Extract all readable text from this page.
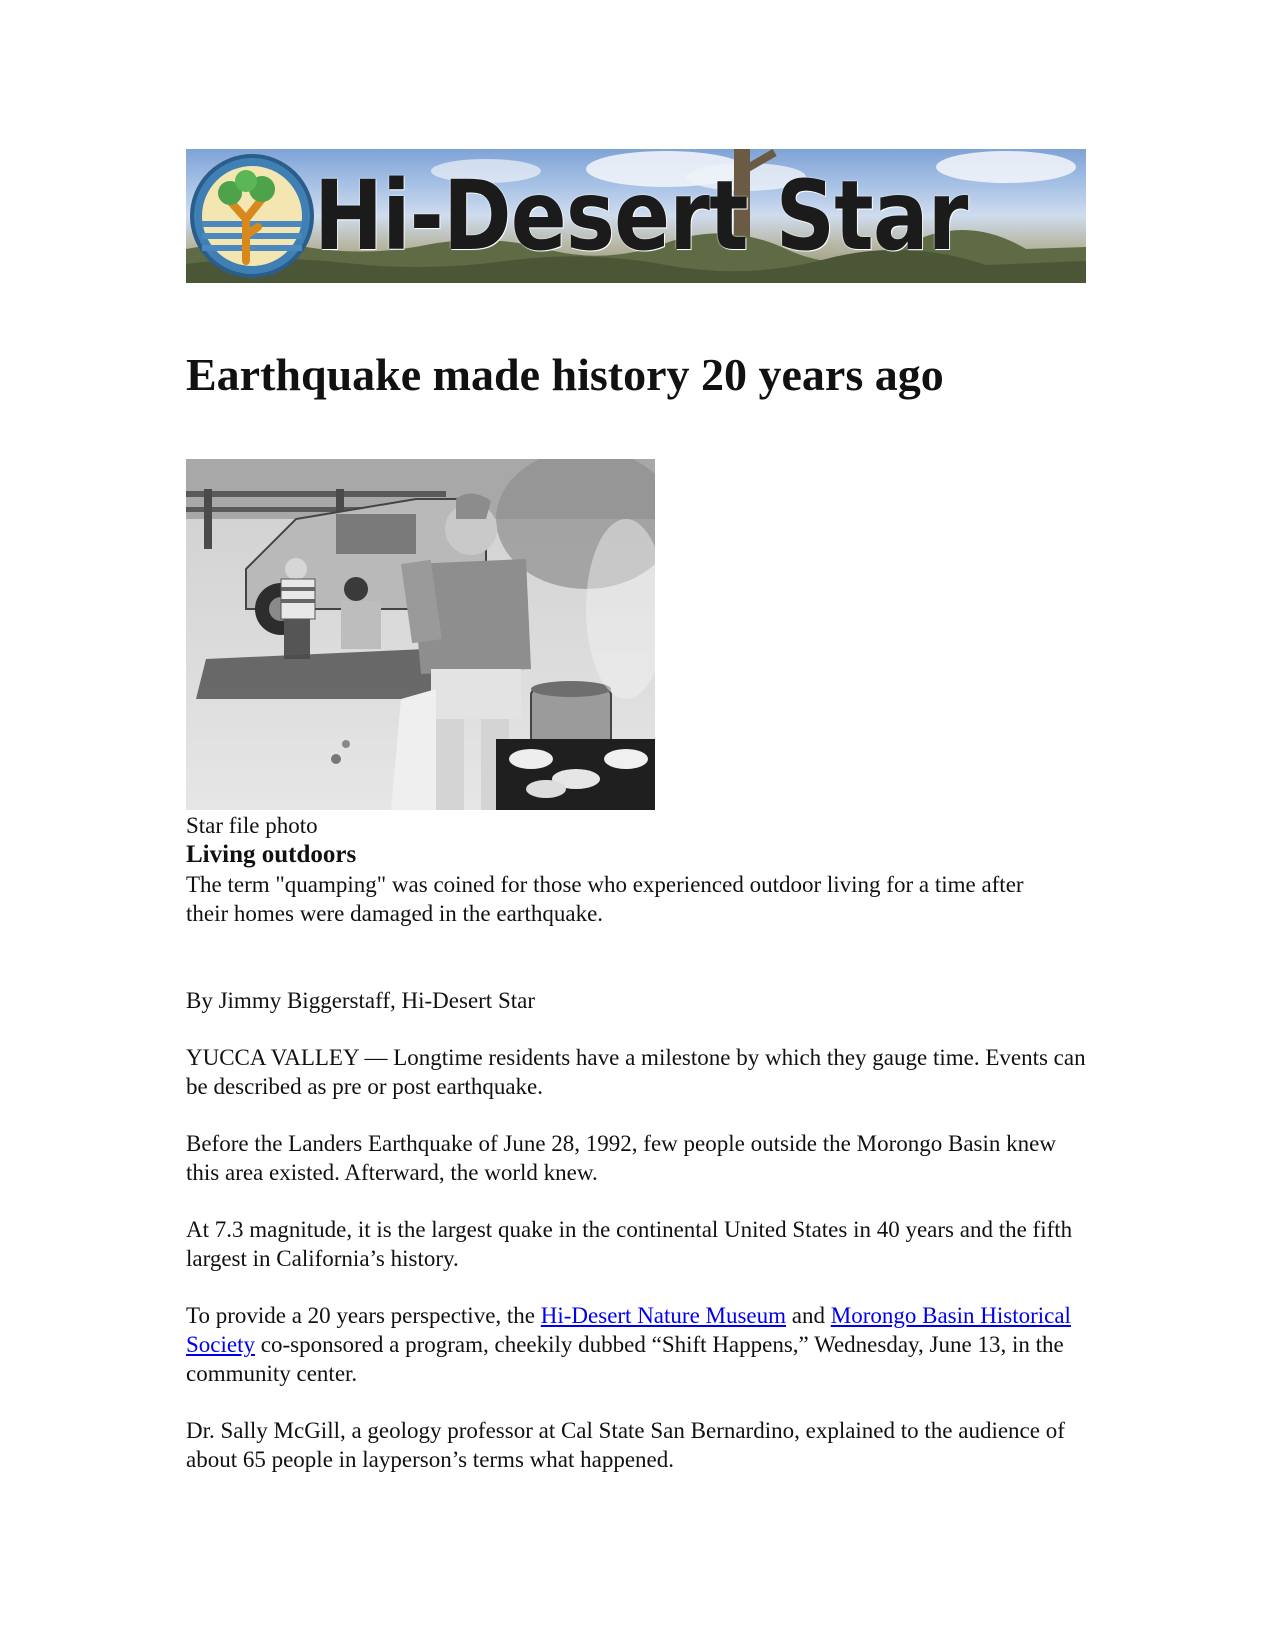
Hi-Desert Star
Earthquake made history 20 years ago
Star file photo
Living outdoors
The term "quamping" was coined for those who experienced outdoor living for a time after their homes were damaged in the earthquake.

By Jimmy Biggerstaff, Hi-Desert Star

YUCCA VALLEY — Longtime residents have a milestone by which they gauge time. Events can be described as pre or post earthquake.

Before the Landers Earthquake of June 28, 1992, few people outside the Morongo Basin knew this area existed. Afterward, the world knew.

At 7.3 magnitude, it is the largest quake in the continental United States in 40 years and the fifth largest in California’s history.

To provide a 20 years perspective, the Hi-Desert Nature Museum and Morongo Basin Historical Society co-sponsored a program, cheekily dubbed “Shift Happens,” Wednesday, June 13, in the community center.

Dr. Sally McGill, a geology professor at Cal State San Bernardino, explained to the audience of about 65 people in layperson’s terms what happened.
